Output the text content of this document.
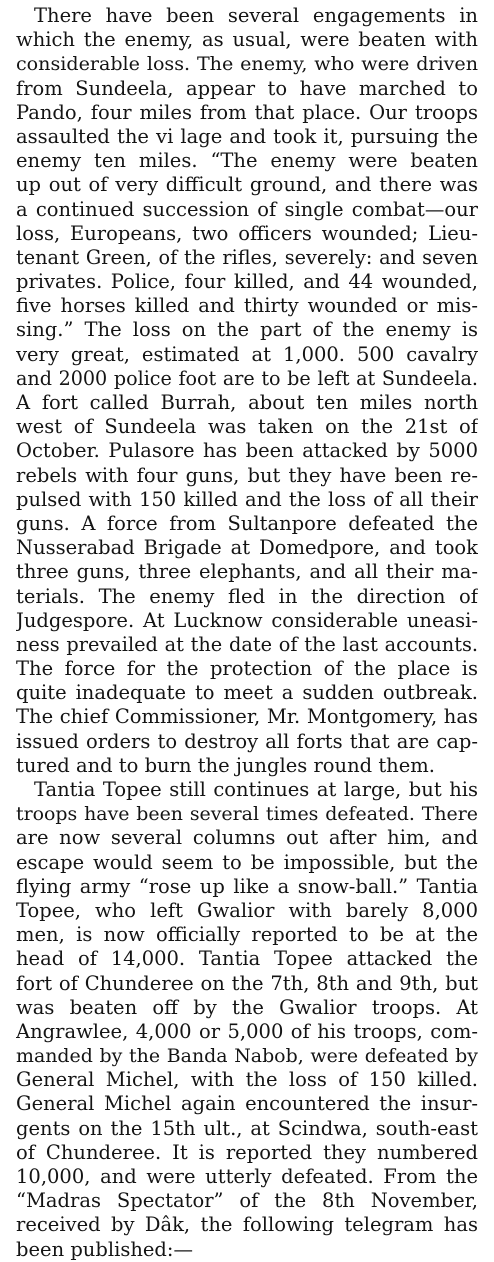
There have been several engagements in
which the enemy, as usual, were beaten with
considerable loss. The enemy, who were driven
from Sundeela, appear to have marched to
Pando, four miles from that place. Our troops
assaulted the vi lage and took it, pursuing the
enemy ten miles. “The enemy were beaten
up out of very difficult ground, and there was
a continued succession of single combat—our
loss, Europeans, two officers wounded; Lieu-
tenant Green, of the rifles, severely: and seven
privates. Police, four killed, and 44 wounded,
five horses killed and thirty wounded or mis-
sing.” The loss on the part of the enemy is
very great, estimated at 1,000. 500 cavalry
and 2000 police foot are to be left at Sundeela.
A fort called Burrah, about ten miles north
west of Sundeela was taken on the 21st of
October. Pulasore has been attacked by 5000
rebels with four guns, but they have been re-
pulsed with 150 killed and the loss of all their
guns. A force from Sultanpore defeated the
Nusserabad Brigade at Domedpore, and took
three guns, three elephants, and all their ma-
terials. The enemy fled in the direction of
Judgespore. At Lucknow considerable uneasi-
ness prevailed at the date of the last accounts.
The force for the protection of the place is
quite inadequate to meet a sudden outbreak.
The chief Commissioner, Mr. Montgomery, has
issued orders to destroy all forts that are cap-
tured and to burn the jungles round them.
Tantia Topee still continues at large, but his
troops have been several times defeated. There
are now several columns out after him, and
escape would seem to be impossible, but the
flying army “rose up like a snow-ball.” Tantia
Topee, who left Gwalior with barely 8,000
men, is now officially reported to be at the
head of 14,000. Tantia Topee attacked the
fort of Chunderee on the 7th, 8th and 9th, but
was beaten off by the Gwalior troops. At
Angrawlee, 4,000 or 5,000 of his troops, com-
manded by the Banda Nabob, were defeated by
General Michel, with the loss of 150 killed.
General Michel again encountered the insur-
gents on the 15th ult., at Scindwa, south-east
of Chunderee. It is reported they numbered
10,000, and were utterly defeated. From the
“Madras Spectator” of the 8th November,
received by Dâk, the following telegram has
been published:—
